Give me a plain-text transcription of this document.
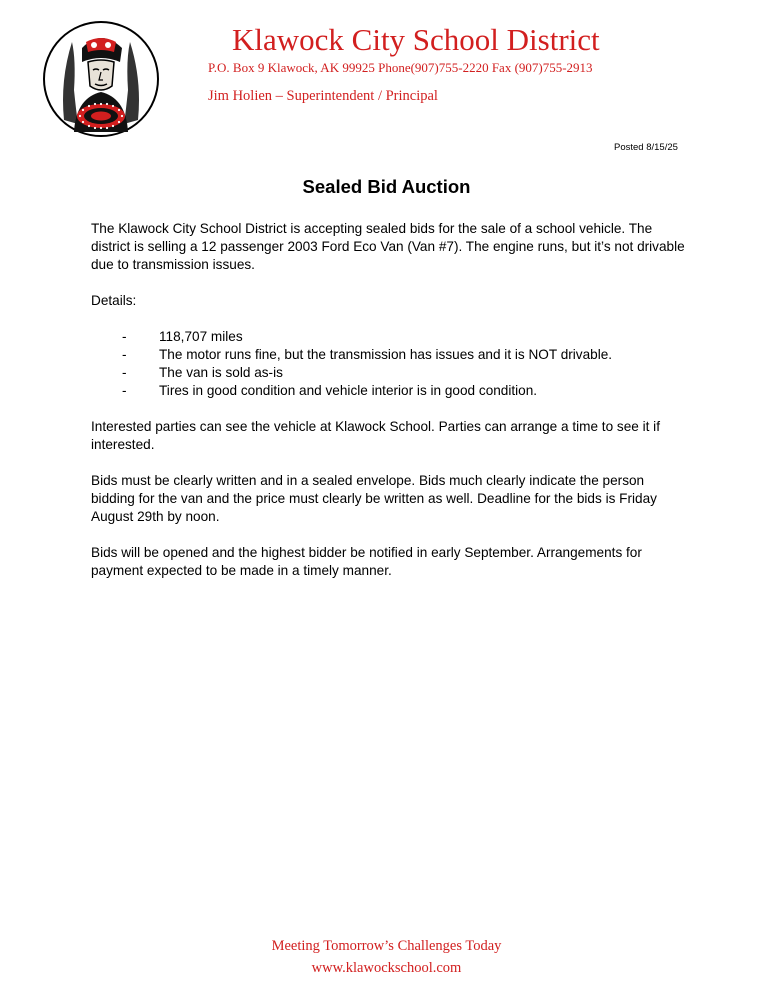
Klawock City School District
P.O. Box 9 Klawock, AK 99925 Phone(907)755-2220 Fax (907)755-2913
Jim Holien – Superintendent / Principal
Posted 8/15/25
Sealed Bid Auction

The Klawock City School District is accepting sealed bids for the sale of a school vehicle. The district is selling a 12 passenger 2003 Ford Eco Van (Van #7). The engine runs, but it’s not drivable due to transmission issues.

Details:

- 118,707 miles
- The motor runs fine, but the transmission has issues and it is NOT drivable.
- The van is sold as-is
- Tires in good condition and vehicle interior is in good condition.

Interested parties can see the vehicle at Klawock School. Parties can arrange a time to see it if interested.

Bids must be clearly written and in a sealed envelope. Bids much clearly indicate the person bidding for the van and the price must clearly be written as well. Deadline for the bids is Friday August 29th by noon.

Bids will be opened and the highest bidder be notified in early September. Arrangements for payment expected to be made in a timely manner.

Meeting Tomorrow’s Challenges Today
www.klawockschool.com
